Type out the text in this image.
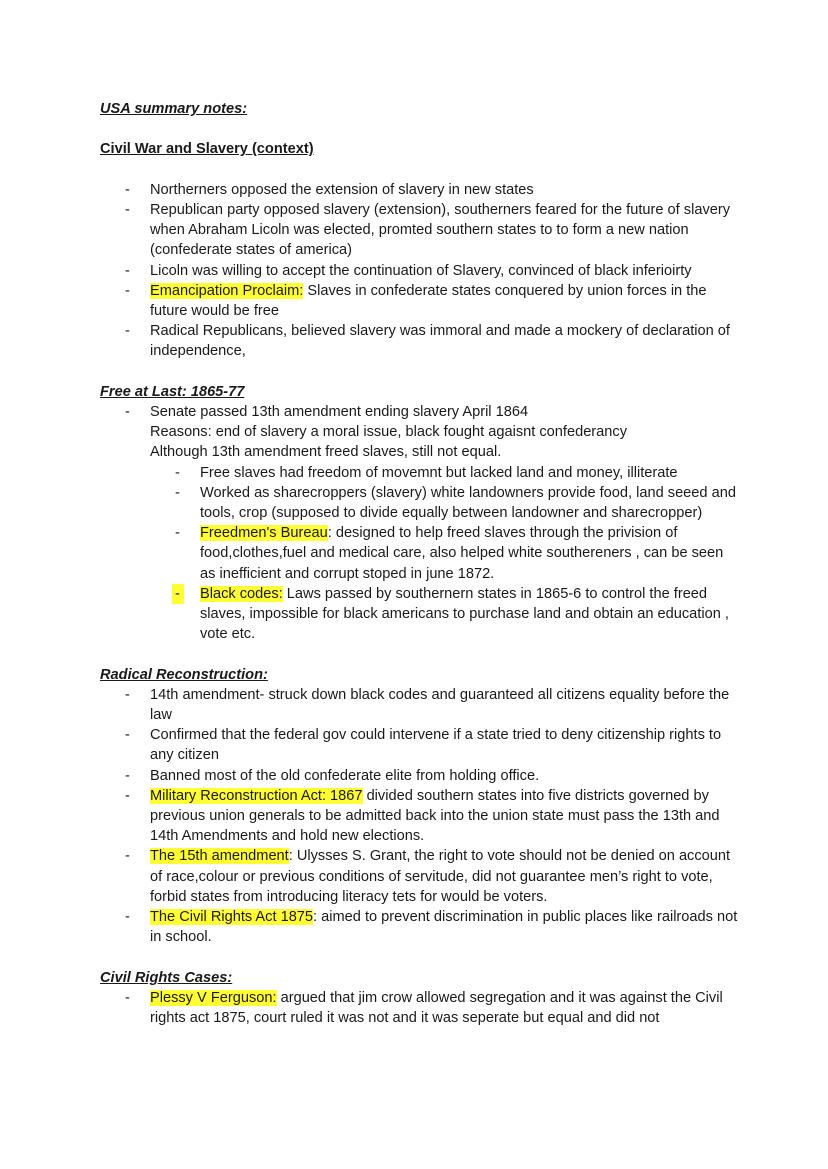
USA summary notes:
Civil War and Slavery (context)
- Northerners opposed the extension of slavery in new states
- Republican party opposed slavery (extension), southerners feared for the future of slavery when Abraham Licoln was elected, promted southern states to to form a new nation (confederate states of america)
- Licoln was willing to accept the continuation of Slavery, convinced of black inferioirty
- Emancipation Proclaim: Slaves in confederate states conquered by union forces in the future would be free
- Radical Republicans, believed slavery was immoral and made a mockery of declaration of independence,
Free at Last: 1865-77
- Senate passed 13th amendment ending slavery April 1864
Reasons: end of slavery a moral issue, black fought agaisnt confederancy
Although 13th amendment freed slaves, still not equal.
- Free slaves had freedom of movemnt but lacked land and money, illiterate
- Worked as sharecroppers (slavery) white landowners provide food, land seeed and tools, crop (supposed to divide equally between landowner and sharecropper)
- Freedmen's Bureau: designed to help freed slaves through the privision of food,clothes,fuel and medical care, also helped white southereners , can be seen as inefficient and corrupt stoped in june 1872.
- Black codes: Laws passed by southernern states in 1865-6 to control the freed slaves, impossible for black americans to purchase land and obtain an education , vote etc.
Radical Reconstruction:
- 14th amendment- struck down black codes and guaranteed all citizens equality before the law
- Confirmed that the federal gov could intervene if a state tried to deny citizenship rights to any citizen
- Banned most of the old confederate elite from holding office.
- Military Reconstruction Act: 1867 divided southern states into five districts governed by previous union generals to be admitted back into the union state must pass the 13th and 14th Amendments and hold new elections.
- The 15th amendment: Ulysses S. Grant, the right to vote should not be denied on account of race,colour or previous conditions of servitude, did not guarantee men’s right to vote, forbid states from introducing literacy tets for would be voters.
- The Civil Rights Act 1875: aimed to prevent discrimination in public places like railroads not in school.
Civil Rights Cases:
- Plessy V Ferguson: argued that jim crow allowed segregation and it was against the Civil rights act 1875, court ruled it was not and it was seperate but equal and did not
